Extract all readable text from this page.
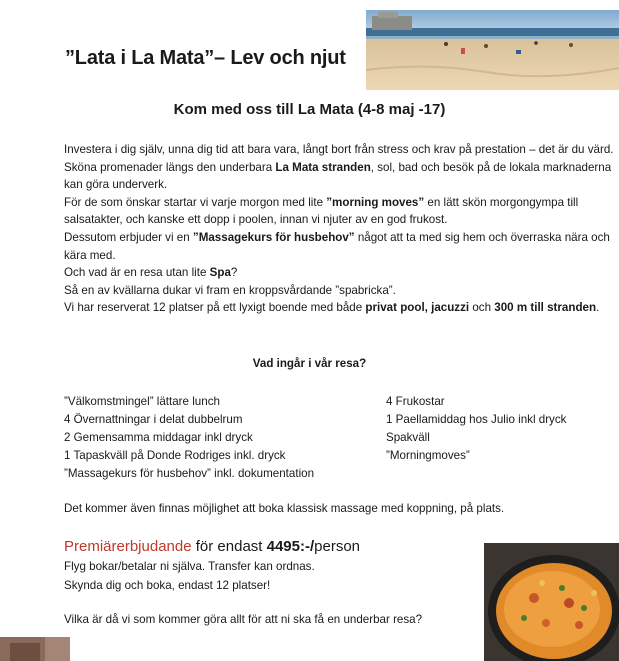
”Lata i La Mata”– Lev och njut
Kom med oss till La Mata (4-8 maj -17)

Investera i dig själv, unna dig tid att bara vara, långt bort från stress och krav på prestation – det är du värd.

Sköna promenader längs den underbara La Mata stranden, sol, bad och besök på de lokala marknaderna kan göra underverk.

För de som önskar startar vi varje morgon med lite ”morning moves” en lätt skön morgongympa till salsatakter, och kanske ett dopp i poolen, innan vi njuter av en god frukost.

Dessutom erbjuder vi en ”Massagekurs för husbehov” något att ta med sig hem och överraska nära och kära med.

Och vad är en resa utan lite Spa?

Så en av kvällarna dukar vi fram en kroppsvårdande ”spabricka”.

Vi har reserverat 12 platser på ett lyxigt boende med både privat pool, jacuzzi och 300 m till stranden.

Vad ingår i vår resa?
”Välkomstmingel” lättare lunch
4 Övernattningar i delat dubbelrum
2 Gemensamma middagar inkl dryck
1 Tapaskväll på Donde Rodriges inkl. dryck
”Massagekurs för husbehov” inkl. dokumentation
4 Frukostar
1 Paellamiddag hos Julio inkl dryck
Spakväll
”Morningmoves”
Det kommer även finnas möjlighet att boka klassisk massage med koppning, på plats.
Premiärerbjudande för endast 4495:-/person
Flyg bokar/betalar ni själva. Transfer kan ordnas.
Skynda dig och boka, endast 12 platser!
Vilka är då vi som kommer göra allt för att ni ska få en underbar resa?
